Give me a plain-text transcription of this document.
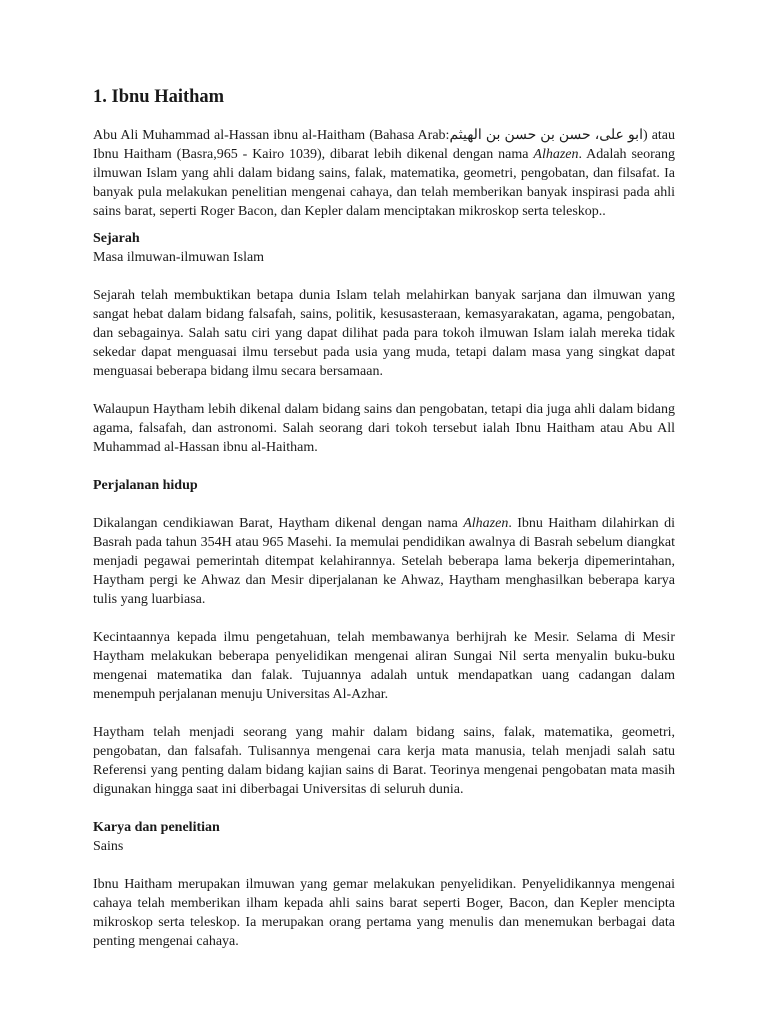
1. Ibnu Haitham

Abu Ali Muhammad al-Hassan ibnu al-Haitham (Bahasa Arab:ابو علی، حسن بن حسن بن الهيثم) atau Ibnu Haitham (Basra,965 - Kairo 1039), dibarat lebih dikenal dengan nama Alhazen. Adalah seorang ilmuwan Islam yang ahli dalam bidang sains, falak, matematika, geometri, pengobatan, dan filsafat. Ia banyak pula melakukan penelitian mengenai cahaya, dan telah memberikan banyak inspirasi pada ahli sains barat, seperti Roger Bacon, dan Kepler dalam menciptakan mikroskop serta teleskop..

Sejarah

Masa ilmuwan-ilmuwan Islam

Sejarah telah membuktikan betapa dunia Islam telah melahirkan banyak sarjana dan ilmuwan yang sangat hebat dalam bidang falsafah, sains, politik, kesusasteraan, kemasyarakatan, agama, pengobatan, dan sebagainya. Salah satu ciri yang dapat dilihat pada para tokoh ilmuwan Islam ialah mereka tidak sekedar dapat menguasai ilmu tersebut pada usia yang muda, tetapi dalam masa yang singkat dapat menguasai beberapa bidang ilmu secara bersamaan.

Walaupun Haytham lebih dikenal dalam bidang sains dan pengobatan, tetapi dia juga ahli dalam bidang agama, falsafah, dan astronomi. Salah seorang dari tokoh tersebut ialah Ibnu Haitham atau Abu All Muhammad al-Hassan ibnu al-Haitham.

Perjalanan hidup

Dikalangan cendikiawan Barat, Haytham dikenal dengan nama Alhazen. Ibnu Haitham dilahirkan di Basrah pada tahun 354H atau 965 Masehi. Ia memulai pendidikan awalnya di Basrah sebelum diangkat menjadi pegawai pemerintah ditempat kelahirannya. Setelah beberapa lama bekerja dipemerintahan, Haytham pergi ke Ahwaz dan Mesir diperjalanan ke Ahwaz, Haytham menghasilkan beberapa karya tulis yang luarbiasa.

Kecintaannya kepada ilmu pengetahuan, telah membawanya berhijrah ke Mesir. Selama di Mesir Haytham melakukan beberapa penyelidikan mengenai aliran Sungai Nil serta menyalin buku-buku mengenai matematika dan falak. Tujuannya adalah untuk mendapatkan uang cadangan dalam menempuh perjalanan menuju Universitas Al-Azhar.

Haytham telah menjadi seorang yang mahir dalam bidang sains, falak, matematika, geometri, pengobatan, dan falsafah. Tulisannya mengenai cara kerja mata manusia, telah menjadi salah satu Referensi yang penting dalam bidang kajian sains di Barat. Teorinya mengenai pengobatan mata masih digunakan hingga saat ini diberbagai Universitas di seluruh dunia.

Karya dan penelitian

Sains

Ibnu Haitham merupakan ilmuwan yang gemar melakukan penyelidikan. Penyelidikannya mengenai cahaya telah memberikan ilham kepada ahli sains barat seperti Boger, Bacon, dan Kepler mencipta mikroskop serta teleskop. Ia merupakan orang pertama yang menulis dan menemukan berbagai data penting mengenai cahaya.
